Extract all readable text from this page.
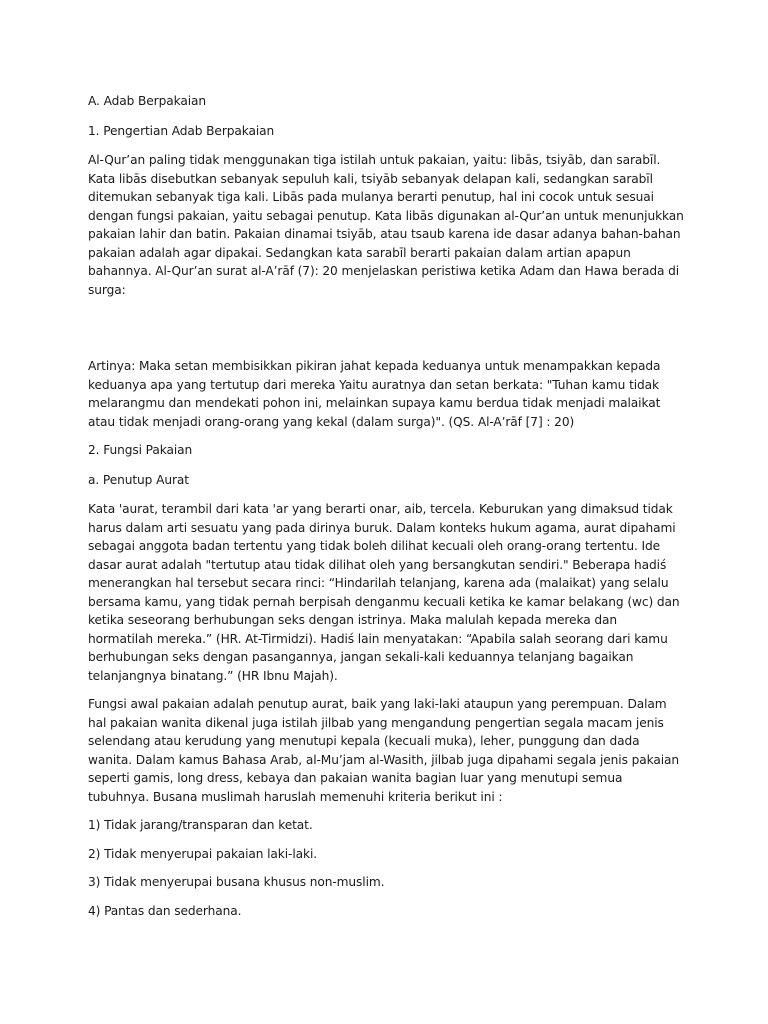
A. Adab Berpakaian

1. Pengertian Adab Berpakaian

Al-Qur’an paling tidak menggunakan tiga istilah untuk pakaian, yaitu: libās, tsiyāb, dan sarabīl. Kata libās disebutkan sebanyak sepuluh kali, tsiyāb sebanyak delapan kali, sedangkan sarabīl ditemukan sebanyak tiga kali. Libās pada mulanya berarti penutup, hal ini cocok untuk sesuai dengan fungsi pakaian, yaitu sebagai penutup. Kata libās digunakan al-Qur’an untuk menunjukkan pakaian lahir dan batin. Pakaian dinamai tsiyāb, atau tsaub karena ide dasar adanya bahan-bahan pakaian adalah agar dipakai. Sedangkan kata sarabīl berarti pakaian dalam artian apapun bahannya. Al-Qur’an surat al-A’rāf (7): 20 menjelaskan peristiwa ketika Adam dan Hawa berada di surga:

Artinya: Maka setan membisikkan pikiran jahat kepada keduanya untuk menampakkan kepada keduanya apa yang tertutup dari mereka Yaitu auratnya dan setan berkata: "Tuhan kamu tidak melarangmu dan mendekati pohon ini, melainkan supaya kamu berdua tidak menjadi malaikat atau tidak menjadi orang-orang yang kekal (dalam surga)". (QS. Al-A’rāf [7] : 20)

2. Fungsi Pakaian

a. Penutup Aurat

Kata 'aurat, terambil dari kata 'ar yang berarti onar, aib, tercela. Keburukan yang dimaksud tidak harus dalam arti sesuatu yang pada dirinya buruk. Dalam konteks hukum agama, aurat dipahami sebagai anggota badan tertentu yang tidak boleh dilihat kecuali oleh orang-orang tertentu. Ide dasar aurat adalah "tertutup atau tidak dilihat oleh yang bersangkutan sendiri." Beberapa hadiś menerangkan hal tersebut secara rinci: “Hindarilah telanjang, karena ada (malaikat) yang selalu bersama kamu, yang tidak pernah berpisah denganmu kecuali ketika ke kamar belakang (wc) dan ketika seseorang berhubungan seks dengan istrinya. Maka malulah kepada mereka dan hormatilah mereka.” (HR. At-Tirmidzi). Hadiś lain menyatakan: “Apabila salah seorang dari kamu berhubungan seks dengan pasangannya, jangan sekali-kali keduannya telanjang bagaikan telanjangnya binatang.” (HR Ibnu Majah).

Fungsi awal pakaian adalah penutup aurat, baik yang laki-laki ataupun yang perempuan. Dalam hal pakaian wanita dikenal juga istilah jilbab yang mengandung pengertian segala macam jenis selendang atau kerudung yang menutupi kepala (kecuali muka), leher, punggung dan dada wanita. Dalam kamus Bahasa Arab, al-Mu’jam al-Wasith, jilbab juga dipahami segala jenis pakaian seperti gamis, long dress, kebaya dan pakaian wanita bagian luar yang menutupi semua tubuhnya. Busana muslimah haruslah memenuhi kriteria berikut ini :

1) Tidak jarang/transparan dan ketat.

2) Tidak menyerupai pakaian laki-laki.

3) Tidak menyerupai busana khusus non-muslim.

4) Pantas dan sederhana.
